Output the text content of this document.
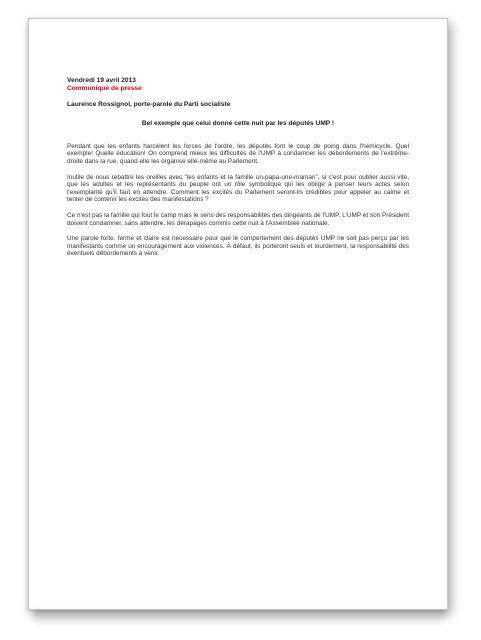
Vendredi 19 avril 2013
Communiqué de presse
Laurence Rossignol, porte-parole du Parti socialiste
Bel exemple que celui donné cette nuit par les députés UMP !

Pendant que les enfants harcèlent les forces de l'ordre, les députés font le coup de poing dans l'hémicycle. Quel exemple! Quelle éducation! On comprend mieux les difficultés de l'UMP à condamner les débordements de l'extrême-droite dans la rue, quand elle les organise elle-même au Parlement.

Inutile de nous rebattre les oreilles avec "les enfants et la famille un-papa-une-maman", si c'est pour oublier aussi vite, que les adultes et les représentants du peuple ont un rôle symbolique qui les oblige à penser leurs actes selon l'exemplarité qu'il faut en attendre. Comment les excités du Parlement seront-ils crédibles pour appeler au calme et tenter de contenir les excités des manifestations ?

Ce n'est pas la famille qui fout le camp mais le sens des responsabilités des dirigeants de l'UMP. L'UMP et son Président doivent condamner, sans attendre, les dérapages commis cette nuit à l'Assemblée nationale.

Une parole forte, ferme et claire est nécessaire pour que le comportement des députés UMP ne soit pas perçu par les manifestants comme un encouragement aux violences. À défaut, ils porteront seuls et lourdement, la responsabilité des éventuels débordements à venir.
